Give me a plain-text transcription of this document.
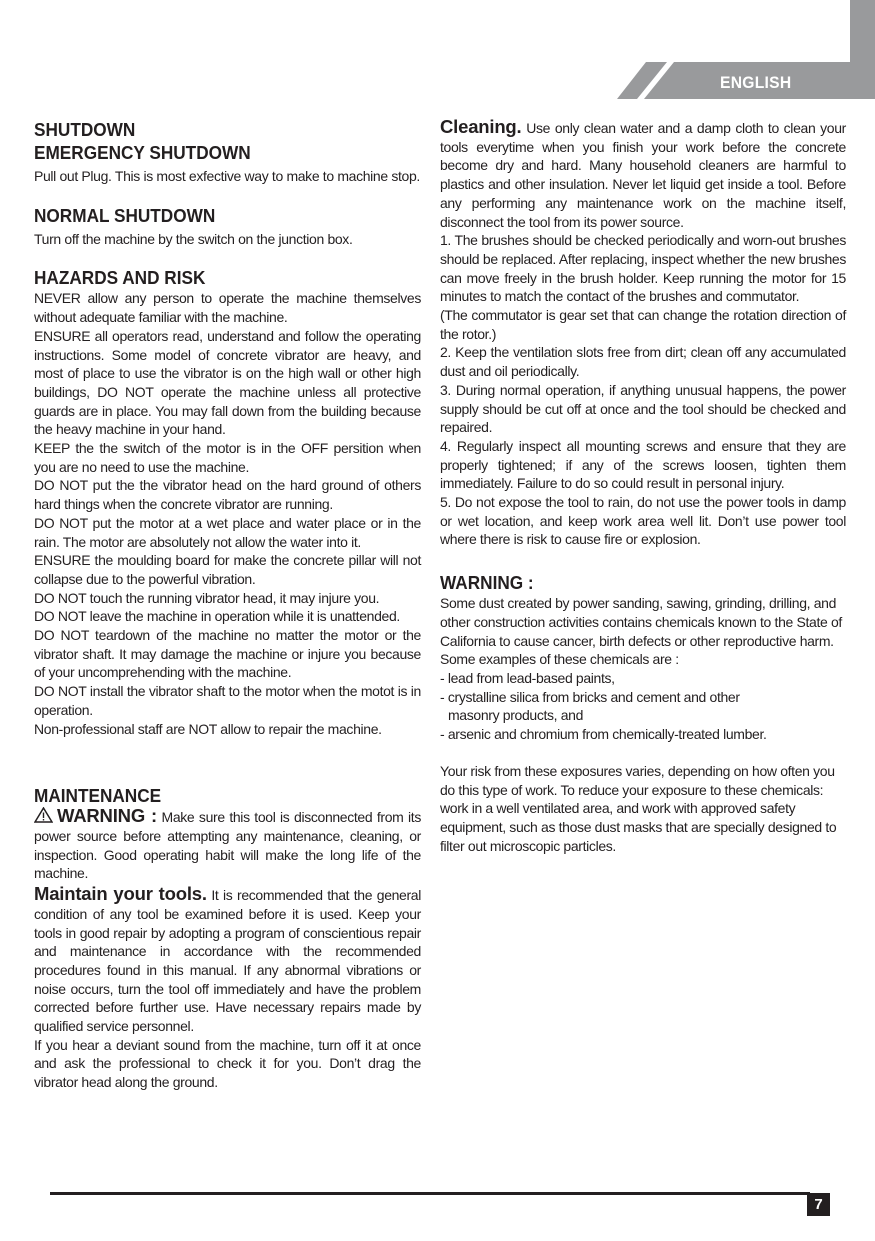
ENGLISH

SHUTDOWN

EMERGENCY SHUTDOWN

Pull out Plug. This is most exfective way to make to machine stop.

NORMAL SHUTDOWN

Turn off the machine by the switch on the junction box.

HAZARDS AND RISK

NEVER allow any person to operate the machine themselves without adequate familiar with the machine.

ENSURE all operators read, understand and follow the operating instructions. Some model of concrete vibrator are heavy, and most of place to use the vibrator is on the high wall or other high buildings, DO NOT operate the machine unless all protective guards are in place. You may fall down from the building because the heavy machine in your hand.

KEEP the the switch of the motor is in the OFF persition when you are no need to use the machine.

DO NOT put the the vibrator head on the hard ground of others hard things when the concrete vibrator are running.

DO NOT put the motor at a wet place and water place or in the rain. The motor are absolutely not allow the water into it.

ENSURE the moulding board for make the concrete pillar will not collapse due to the powerful vibration.

DO NOT touch the running vibrator head, it may injure you.

DO NOT leave the machine in operation while it is unattended.

DO NOT teardown of the machine no matter the motor or the vibrator shaft. It may damage the machine or injure you because of your uncomprehending with the machine.

DO NOT install the vibrator shaft to the motor when the motot is in operation.

Non-professional staff are NOT allow to repair the machine.

MAINTENANCE

WARNING : Make sure this tool is disconnected from its power source before attempting any maintenance, cleaning, or inspection. Good operating habit will make the long life of the machine.

Maintain your tools. It is recommended that the general condition of any tool be examined before it is used. Keep your tools in good repair by adopting a program of conscientious repair and maintenance in accordance with the recommended procedures found in this manual. If any abnormal vibrations or noise occurs, turn the tool off immediately and have the problem corrected before further use. Have necessary repairs made by qualified service personnel.

If you hear a deviant sound from the machine, turn off it at once and ask the professional to check it for you. Don’t drag the vibrator head along the ground.

Cleaning. Use only clean water and a damp cloth to clean your tools everytime when you finish your work before the concrete become dry and hard. Many household cleaners are harmful to plastics and other insulation. Never let liquid get inside a tool. Before any performing any maintenance work on the machine itself, disconnect the tool from its power source.

1. The brushes should be checked periodically and worn-out brushes should be replaced. After replacing, inspect whether the new brushes can move freely in the brush holder. Keep running the motor for 15 minutes to match the contact of the brushes and commutator.

(The commutator is gear set that can change the rotation direction of the rotor.)

2. Keep the ventilation slots free from dirt; clean off any accumulated dust and oil periodically.

3. During normal operation, if anything unusual happens, the power supply should be cut off at once and the tool should be checked and repaired.

4. Regularly inspect all mounting screws and ensure that they are properly tightened; if any of the screws loosen, tighten them immediately. Failure to do so could result in personal injury.

5. Do not expose the tool to rain, do not use the power tools in damp or wet location, and keep work area well lit. Don’t use power tool where there is risk to cause fire or explosion.

WARNING :

Some dust created by power sanding, sawing, grinding, drilling, and other construction activities contains chemicals known to the State of California to cause cancer, birth defects or other reproductive harm. Some examples of these chemicals are :

- lead from lead-based paints,

- crystalline silica from bricks and cement and other

masonry products, and

- arsenic and chromium from chemically-treated lumber.

Your risk from these exposures varies, depending on how often you do this type of work. To reduce your exposure to these chemicals: work in a well ventilated area, and work with approved safety equipment, such as those dust masks that are specially designed to filter out microscopic particles.

7
